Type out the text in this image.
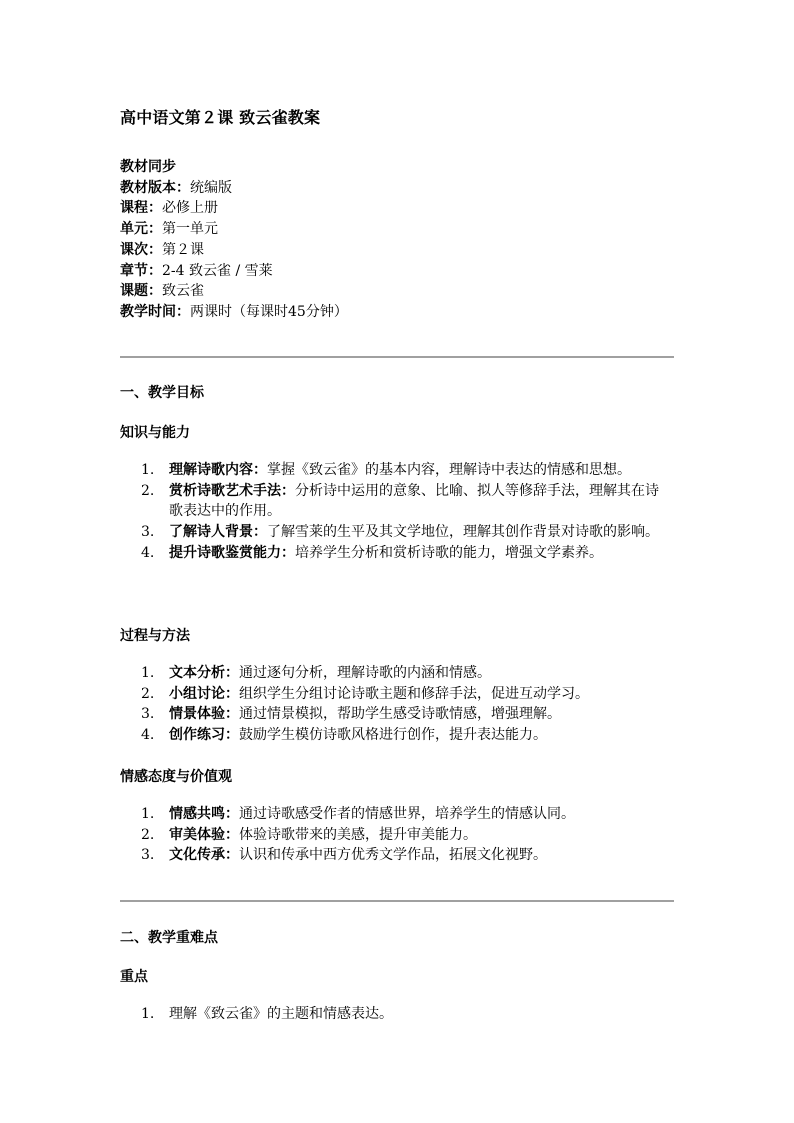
高中语文第２课 致云雀教案
教材同步
教材版本：统编版
课程：必修上册
单元：第一单元
课次：第２课
章节：2-4 致云雀 / 雪莱
课题：致云雀
教学时间：两课时（每课时45分钟）
一、教学目标
知识与能力
1. 理解诗歌内容：掌握《致云雀》的基本内容，理解诗中表达的情感和思想。
2. 赏析诗歌艺术手法：分析诗中运用的意象、比喻、拟人等修辞手法，理解其在诗歌表达中的作用。
3. 了解诗人背景：了解雪莱的生平及其文学地位，理解其创作背景对诗歌的影响。
4. 提升诗歌鉴赏能力：培养学生分析和赏析诗歌的能力，增强文学素养。
过程与方法
1. 文本分析：通过逐句分析，理解诗歌的内涵和情感。
2. 小组讨论：组织学生分组讨论诗歌主题和修辞手法，促进互动学习。
3. 情景体验：通过情景模拟，帮助学生感受诗歌情感，增强理解。
4. 创作练习：鼓励学生模仿诗歌风格进行创作，提升表达能力。
情感态度与价值观
1. 情感共鸣：通过诗歌感受作者的情感世界，培养学生的情感认同。
2. 审美体验：体验诗歌带来的美感，提升审美能力。
3. 文化传承：认识和传承中西方优秀文学作品，拓展文化视野。
二、教学重难点
重点
1. 理解《致云雀》的主题和情感表达。
